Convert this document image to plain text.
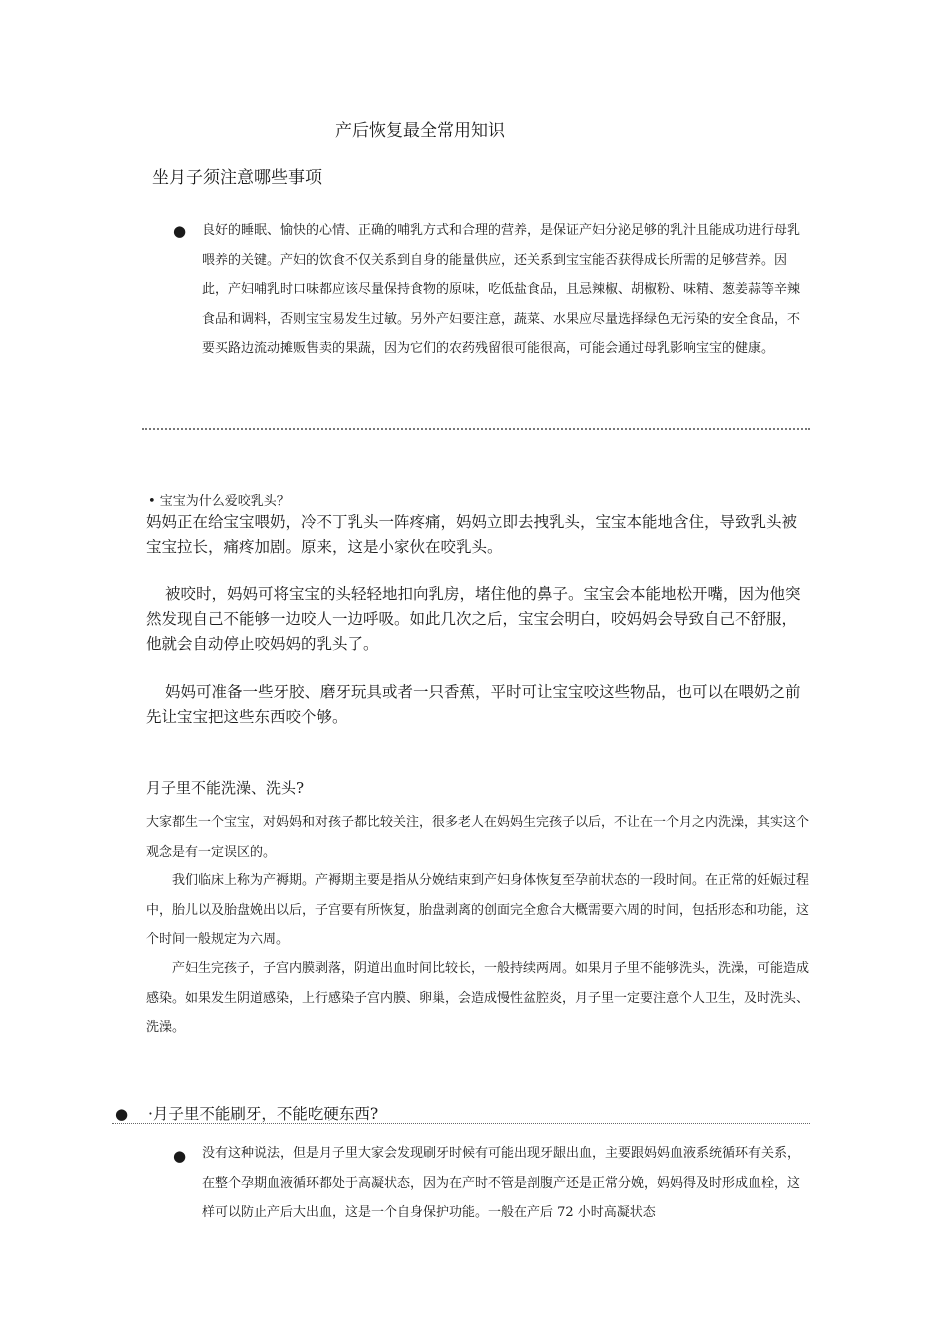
产后恢复最全常用知识
坐月子须注意哪些事项
● 良好的睡眠、愉快的心情、正确的哺乳方式和合理的营养，是保证产妇分泌足够的乳汁且能成功进行母乳喂养的关键。产妇的饮食不仅关系到自身的能量供应，还关系到宝宝能否获得成长所需的足够营养。因此，产妇哺乳时口味都应该尽量保持食物的原味，吃低盐食品，且忌辣椒、胡椒粉、味精、葱姜蒜等辛辣食品和调料，否则宝宝易发生过敏。另外产妇要注意，蔬菜、水果应尽量选择绿色无污染的安全食品，不要买路边流动摊贩售卖的果蔬，因为它们的农药残留很可能很高，可能会通过母乳影响宝宝的健康。

• 宝宝为什么爱咬乳头？

妈妈正在给宝宝喂奶，冷不丁乳头一阵疼痛，妈妈立即去拽乳头，宝宝本能地含住，导致乳头被宝宝拉长，痛疼加剧。原来，这是小家伙在咬乳头。

被咬时，妈妈可将宝宝的头轻轻地扣向乳房，堵住他的鼻子。宝宝会本能地松开嘴，因为他突然发现自己不能够一边咬人一边呼吸。如此几次之后，宝宝会明白，咬妈妈会导致自己不舒服，他就会自动停止咬妈妈的乳头了。

妈妈可准备一些牙胶、磨牙玩具或者一只香蕉，平时可让宝宝咬这些物品，也可以在喂奶之前先让宝宝把这些东西咬个够。

月子里不能洗澡、洗头?

大家都生一个宝宝，对妈妈和对孩子都比较关注，很多老人在妈妈生完孩子以后，不让在一个月之内洗澡，其实这个观念是有一定误区的。

我们临床上称为产褥期。产褥期主要是指从分娩结束到产妇身体恢复至孕前状态的一段时间。在正常的妊娠过程中，胎儿以及胎盘娩出以后，子宫要有所恢复，胎盘剥离的创面完全愈合大概需要六周的时间，包括形态和功能，这个时间一般规定为六周。

产妇生完孩子，子宫内膜剥落，阴道出血时间比较长，一般持续两周。如果月子里不能够洗头，洗澡，可能造成感染。如果发生阴道感染，上行感染子宫内膜、卵巢，会造成慢性盆腔炎，月子里一定要注意个人卫生，及时洗头、洗澡。

● ·月子里不能刷牙，不能吃硬东西?
● 没有这种说法，但是月子里大家会发现刷牙时候有可能出现牙龈出血，主要跟妈妈血液系统循环有关系，在整个孕期血液循环都处于高凝状态，因为在产时不管是剖腹产还是正常分娩，妈妈得及时形成血栓，这样可以防止产后大出血，这是一个自身保护功能。一般在产后 72 小时高凝状态
